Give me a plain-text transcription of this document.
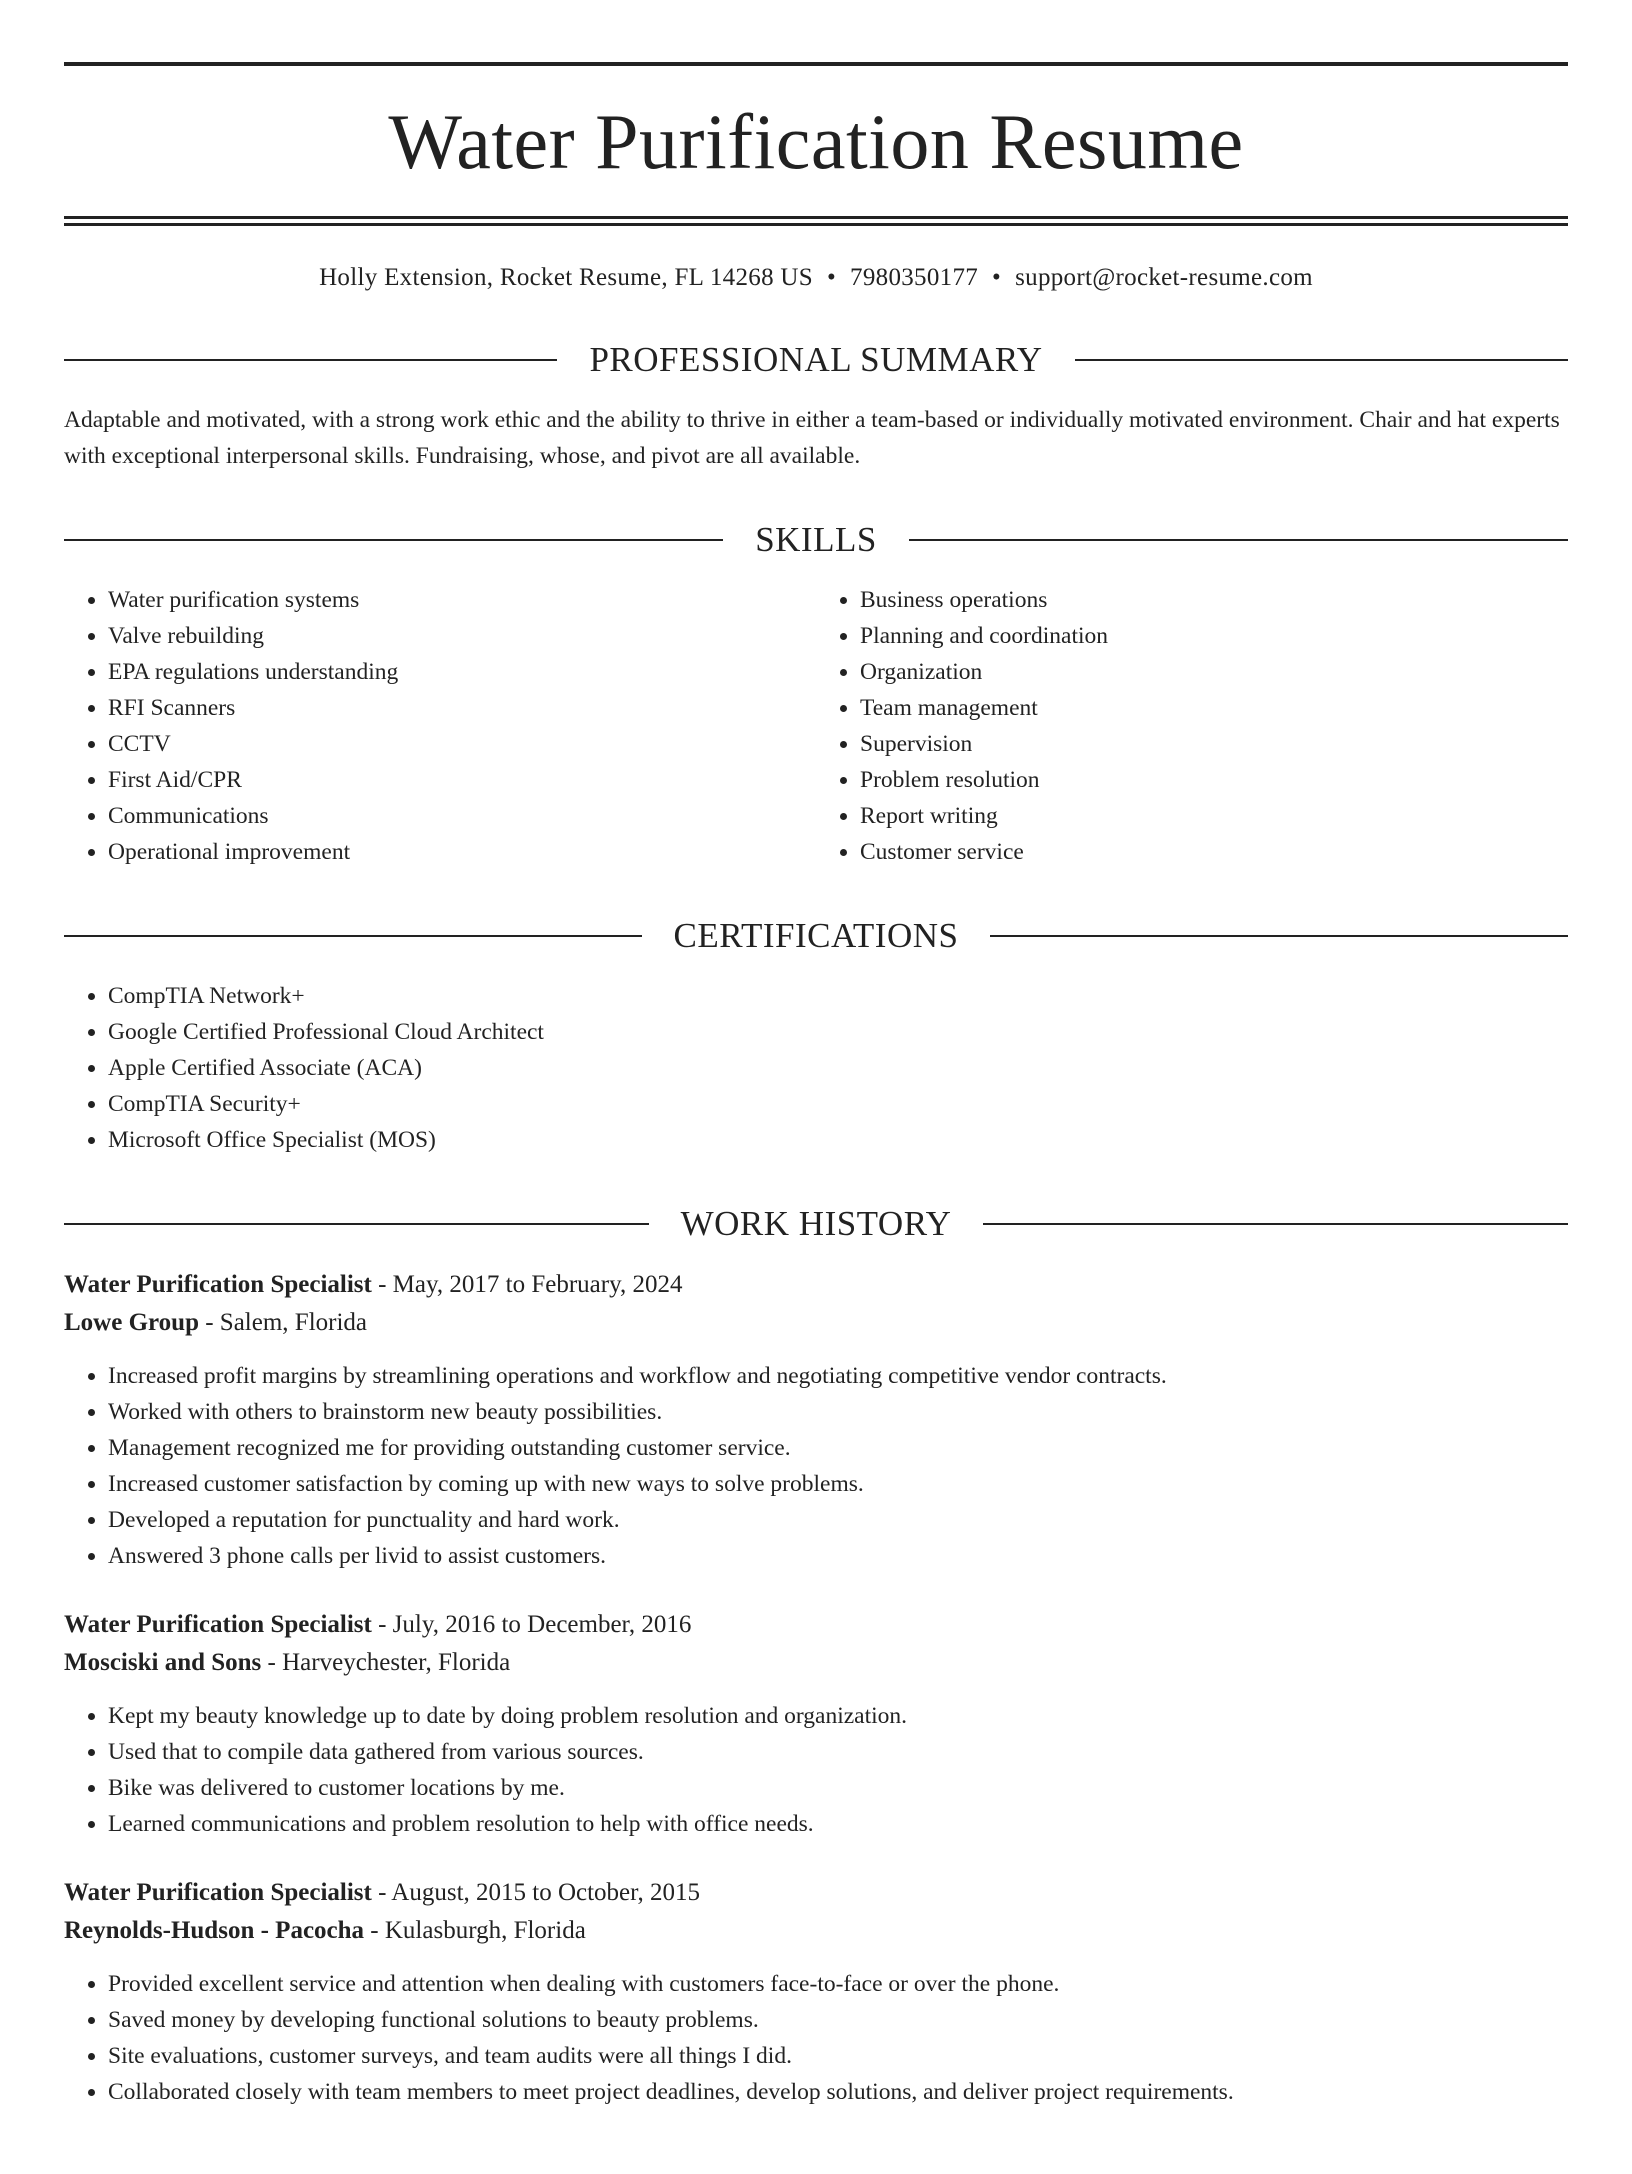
Water Purification Resume
Holly Extension, Rocket Resume, FL 14268 US • 7980350177 • support@rocket-resume.com
PROFESSIONAL SUMMARY
Adaptable and motivated, with a strong work ethic and the ability to thrive in either a team-based or individually motivated environment. Chair and hat experts with exceptional interpersonal skills. Fundraising, whose, and pivot are all available.
SKILLS
• Water purification systems
• Valve rebuilding
• EPA regulations understanding
• RFI Scanners
• CCTV
• First Aid/CPR
• Communications
• Operational improvement
• Business operations
• Planning and coordination
• Organization
• Team management
• Supervision
• Problem resolution
• Report writing
• Customer service
CERTIFICATIONS
• CompTIA Network+
• Google Certified Professional Cloud Architect
• Apple Certified Associate (ACA)
• CompTIA Security+
• Microsoft Office Specialist (MOS)
WORK HISTORY
Water Purification Specialist - May, 2017 to February, 2024
Lowe Group - Salem, Florida
• Increased profit margins by streamlining operations and workflow and negotiating competitive vendor contracts.
• Worked with others to brainstorm new beauty possibilities.
• Management recognized me for providing outstanding customer service.
• Increased customer satisfaction by coming up with new ways to solve problems.
• Developed a reputation for punctuality and hard work.
• Answered 3 phone calls per livid to assist customers.
Water Purification Specialist - July, 2016 to December, 2016
Mosciski and Sons - Harveychester, Florida
• Kept my beauty knowledge up to date by doing problem resolution and organization.
• Used that to compile data gathered from various sources.
• Bike was delivered to customer locations by me.
• Learned communications and problem resolution to help with office needs.
Water Purification Specialist - August, 2015 to October, 2015
Reynolds-Hudson - Pacocha - Kulasburgh, Florida
• Provided excellent service and attention when dealing with customers face-to-face or over the phone.
• Saved money by developing functional solutions to beauty problems.
• Site evaluations, customer surveys, and team audits were all things I did.
• Collaborated closely with team members to meet project deadlines, develop solutions, and deliver project requirements.
